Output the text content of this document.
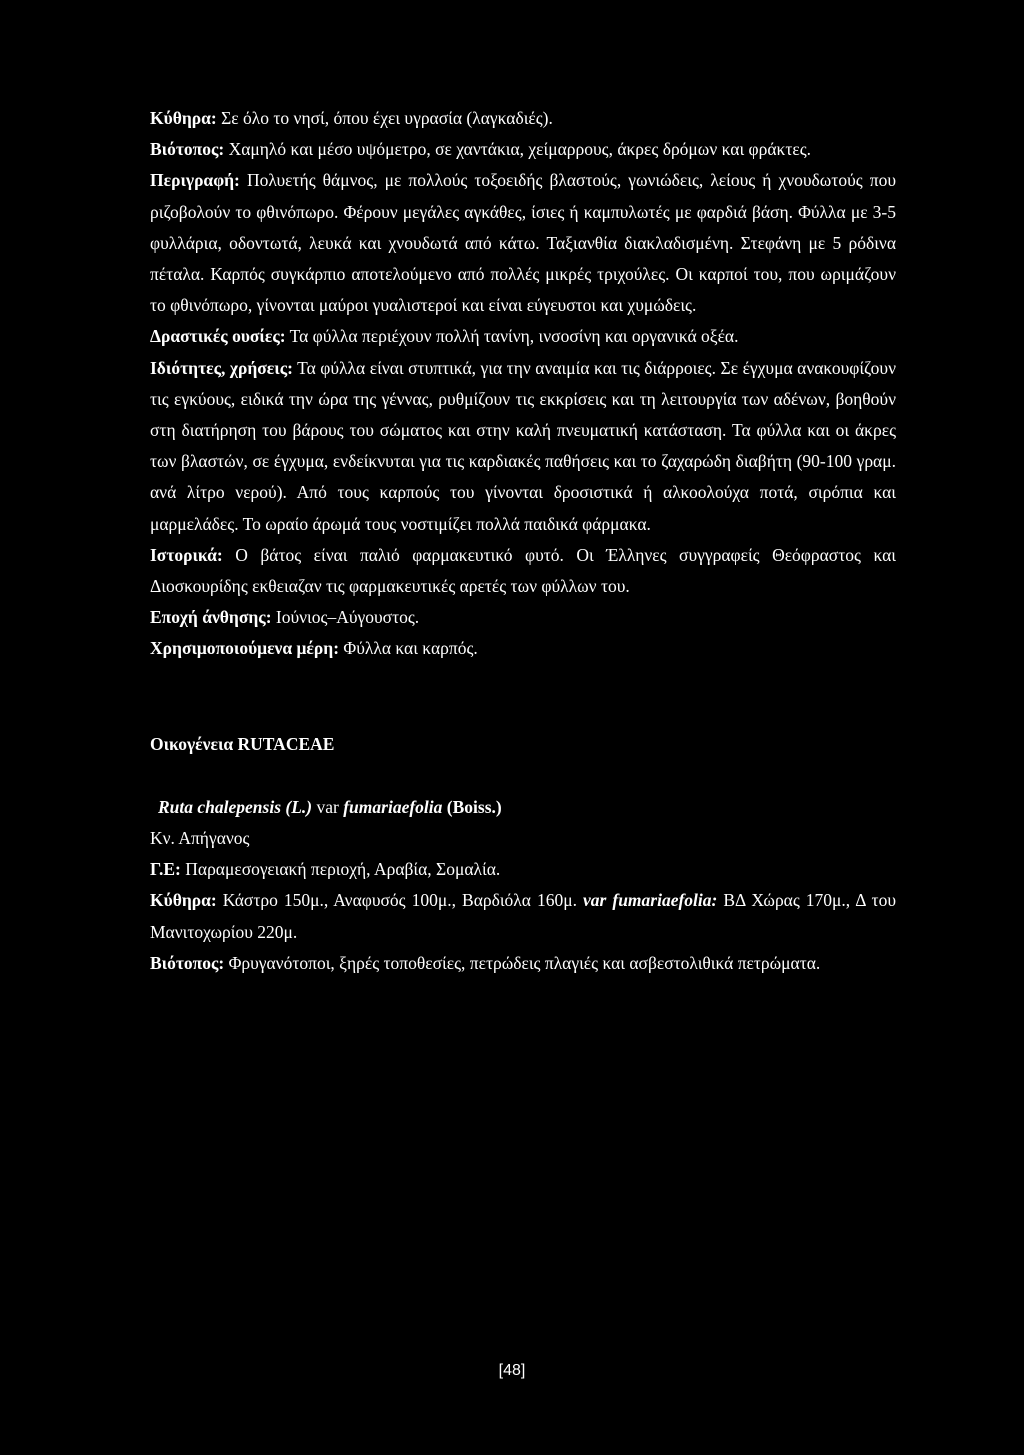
Κύθηρα: Σε όλο το νησί, όπου έχει υγρασία (λαγκαδιές).

Βιότοπος: Χαμηλό και μέσο υψόμετρο, σε χαντάκια, χείμαρρους, άκρες δρόμων και φράκτες.

Περιγραφή: Πολυετής θάμνος, με πολλούς τοξοειδής βλαστούς, γωνιώδεις, λείους ή χνουδωτούς που ριζοβολούν το φθινόπωρο. Φέρουν μεγάλες αγκάθες, ίσιες ή καμπυλωτές με φαρδιά βάση. Φύλλα με 3-5 φυλλάρια, οδοντωτά, λευκά και χνουδωτά από κάτω. Ταξιανθία διακλαδισμένη. Στεφάνη με 5 ρόδινα πέταλα. Καρπός συγκάρπιο αποτελούμενο από πολλές μικρές τριχούλες. Οι καρποί του, που ωριμάζουν το φθινόπωρο, γίνονται μαύροι γυαλιστεροί και είναι εύγευστοι και χυμώδεις.

Δραστικές ουσίες: Τα φύλλα περιέχουν πολλή τανίνη, ινσοσίνη και οργανικά οξέα.

Ιδιότητες, χρήσεις: Τα φύλλα είναι στυπτικά, για την αναιμία και τις διάρροιες. Σε έγχυμα ανακουφίζουν τις εγκύους, ειδικά την ώρα της γέννας, ρυθμίζουν τις εκκρίσεις και τη λειτουργία των αδένων, βοηθούν στη διατήρηση του βάρους του σώματος και στην καλή πνευματική κατάσταση. Τα φύλλα και οι άκρες των βλαστών, σε έγχυμα, ενδείκνυται για τις καρδιακές παθήσεις και το ζαχαρώδη διαβήτη (90-100 γραμ. ανά λίτρο νερού). Από τους καρπούς του γίνονται δροσιστικά ή αλκοολούχα ποτά, σιρόπια και μαρμελάδες. Το ωραίο άρωμά τους νοστιμίζει πολλά παιδικά φάρμακα.

Ιστορικά: Ο βάτος είναι παλιό φαρμακευτικό φυτό. Οι Έλληνες συγγραφείς Θεόφραστος και Διοσκουρίδης εκθειαζαν τις φαρμακευτικές αρετές των φύλλων του.

Εποχή άνθησης: Ιούνιος–Αύγουστος.

Χρησιμοποιούμενα μέρη: Φύλλα και καρπός.

Οικογένεια RUTACEAE

Ruta chalepensis (L.) var fumariaefolia (Boiss.)

Κν. Απήγανος

Γ.Ε: Παραμεσογειακή περιοχή, Αραβία, Σομαλία.

Κύθηρα: Κάστρο 150μ., Αναφυσός 100μ., Βαρδιόλα 160μ. var fumariaefolia: ΒΔ Χώρας 170μ., Δ του Μανιτοχωρίου 220μ.

Βιότοπος: Φρυγανότοποι, ξηρές τοποθεσίες, πετρώδεις πλαγιές και ασβεστολιθικά πετρώματα.

[48]
